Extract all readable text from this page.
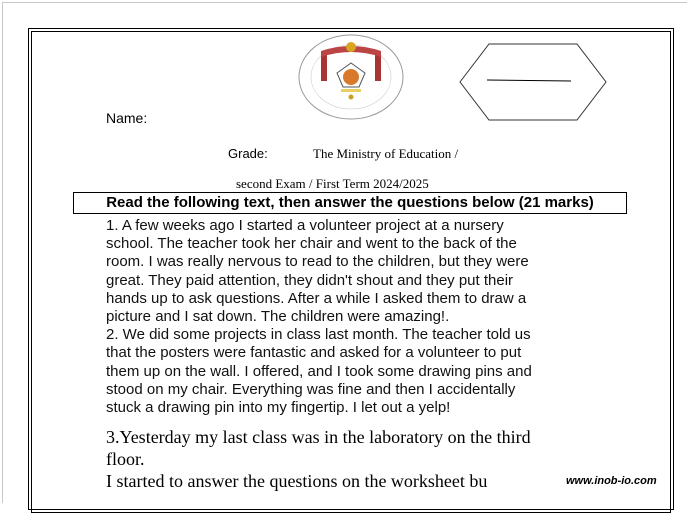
Name:
Grade:	The Ministry of Education /
second Exam / First Term 2024/2025
Read the following text, then answer the questions below (21 marks)
1. A few weeks ago I started a volunteer project at a nursery
school. The teacher took her chair and went to the back of the
room. I was really nervous to read to the children, but they were
great. They paid attention, they didn't shout and they put their
hands up to ask questions. After a while I asked them to draw a
picture and I sat down. The children were amazing!.
2. We did some projects in class last month. The teacher told us
that the posters were fantastic and asked for a volunteer to put
them up on the wall. I offered, and I took some drawing pins and
stood on my chair. Everything was fine and then I accidentally
stuck a drawing pin into my fingertip. I let out a yelp!
3.Yesterday my last class was in the laboratory on the third
floor.
I started to answer the questions on the worksheet bu	www.inob-io.com
